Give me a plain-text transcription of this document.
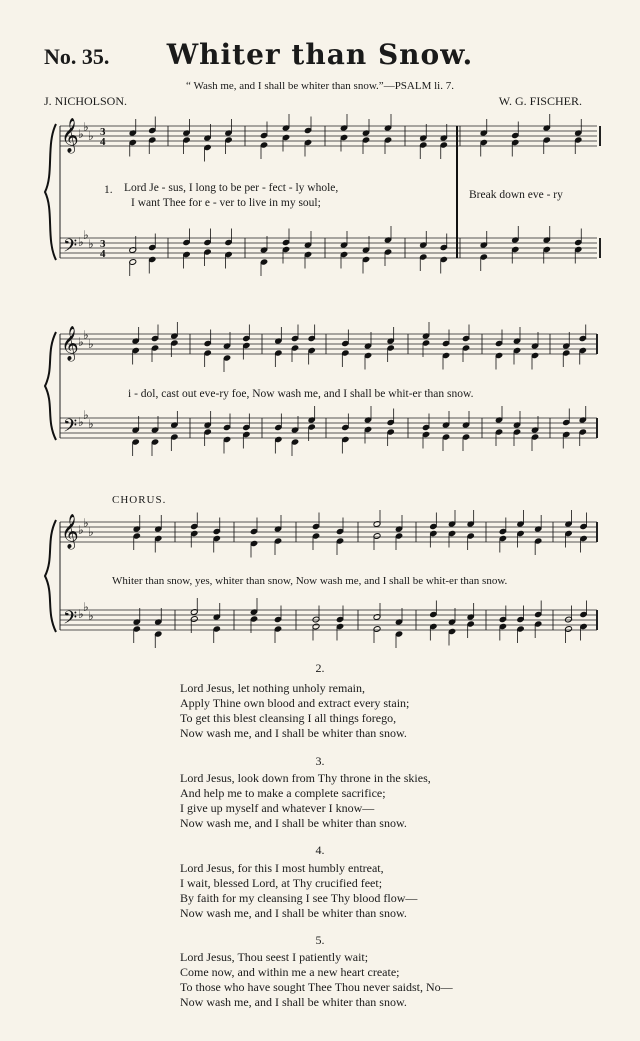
No. 35.	Whiter than Snow.
“ Wash me, and I shall be whiter than snow.”—PSALM li. 7.
J. NICHOLSON.	W. G. FISCHER.
𝄞
𝄢
♭ ♭
♭
♭ ♭
♭
3
4
3
4
𝄞
𝄢
♭ ♭
♭
♭ ♭
♭
𝄞
𝄢
♭ ♭
♭
♭ ♭
♭
1. Lord Je - sus, I long to be per - fect - ly whole,
I want Thee for e - ver to live in my soul;
Break down eve - ry
i - dol, cast out eve-ry foe, Now wash me, and I shall be whit-er than snow.
CHORUS.
Whiter than snow, yes, whiter than snow, Now wash me, and I shall be whit-er than snow.
2.
Lord Jesus, let nothing unholy remain,
Apply Thine own blood and extract every stain;
To get this blest cleansing I all things forego,
Now wash me, and I shall be whiter than snow.
3.
Lord Jesus, look down from Thy throne in the skies,
And help me to make a complete sacrifice;
I give up myself and whatever I know—
Now wash me, and I shall be whiter than snow.
4.
Lord Jesus, for this I most humbly entreat,
I wait, blessed Lord, at Thy crucified feet;
By faith for my cleansing I see Thy blood flow—
Now wash me, and I shall be whiter than snow.
5.
Lord Jesus, Thou seest I patiently wait;
Come now, and within me a new heart create;
To those who have sought Thee Thou never saidst, No—
Now wash me, and I shall be whiter than snow.
